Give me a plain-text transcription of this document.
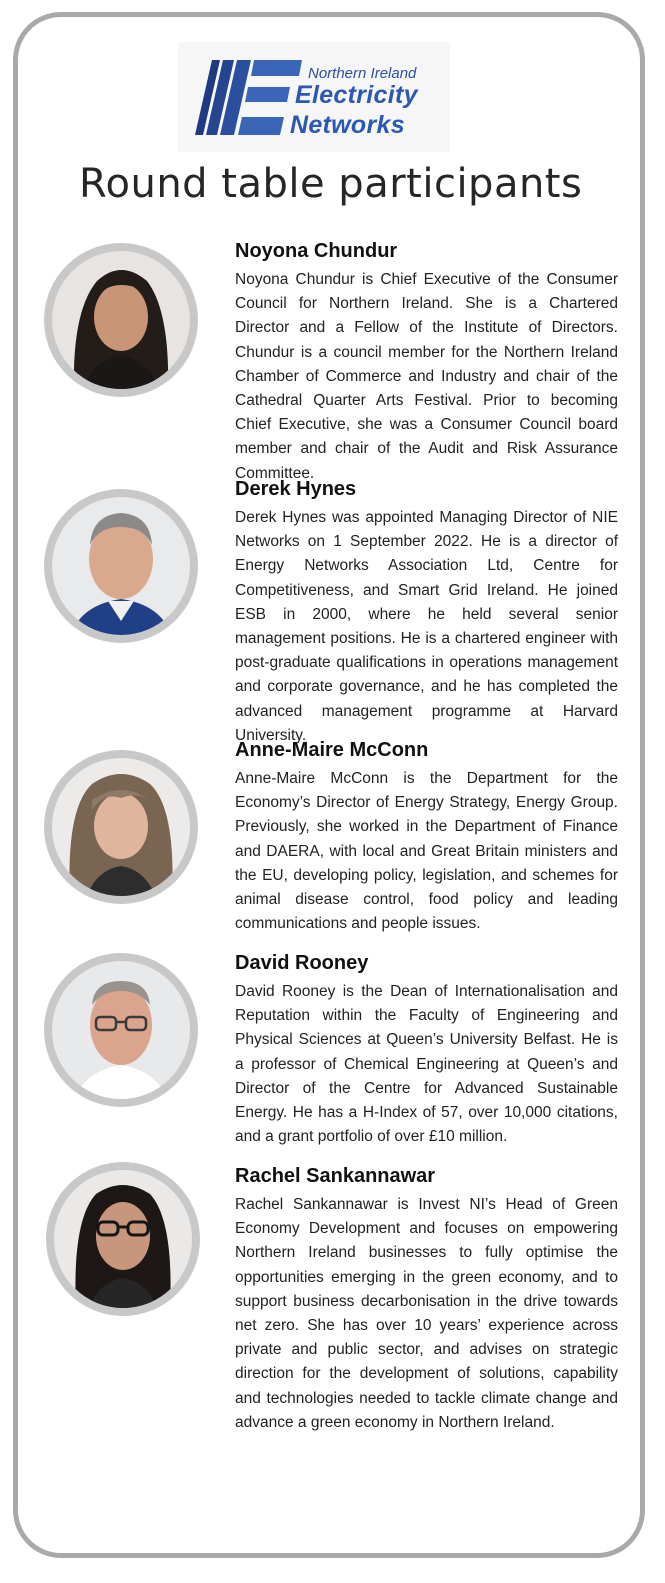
Northern Ireland
Electricity
Networks
Round table participants
Noyona Chundur
Noyona Chundur is Chief Executive of the Consumer Council for Northern Ireland. She is a Chartered Director and a Fellow of the Institute of Directors. Chundur is a council member for the Northern Ireland Chamber of Commerce and Industry and chair of the Cathedral Quarter Arts Festival. Prior to becoming Chief Executive, she was a Consumer Council board member and chair of the Audit and Risk Assurance Committee.
Derek Hynes
Derek Hynes was appointed Managing Director of NIE Networks on 1 September 2022. He is a director of Energy Networks Association Ltd, Centre for Competitiveness, and Smart Grid Ireland. He joined ESB in 2000, where he held several senior management positions. He is a chartered engineer with post-graduate qualifications in operations management and corporate governance, and he has completed the advanced management programme at Harvard University.
Anne-Maire McConn
Anne-Maire McConn is the Department for the Economy’s Director of Energy Strategy, Energy Group. Previously, she worked in the Department of Finance and DAERA, with local and Great Britain ministers and the EU, developing policy, legislation, and schemes for animal disease control, food policy and leading communications and people issues.
David Rooney
David Rooney is the Dean of Internationalisation and Reputation within the Faculty of Engineering and Physical Sciences at Queen’s University Belfast. He is a professor of Chemical Engineering at Queen’s and Director of the Centre for Advanced Sustainable Energy. He has a H-Index of 57, over 10,000 citations, and a grant portfolio of over £10 million.
Rachel Sankannawar
Rachel Sankannawar is Invest NI’s Head of Green Economy Development and focuses on empowering Northern Ireland businesses to fully optimise the opportunities emerging in the green economy, and to support business decarbonisation in the drive towards net zero. She has over 10 years’ experience across private and public sector, and advises on strategic direction for the development of solutions, capability and technologies needed to tackle climate change and advance a green economy in Northern Ireland.
